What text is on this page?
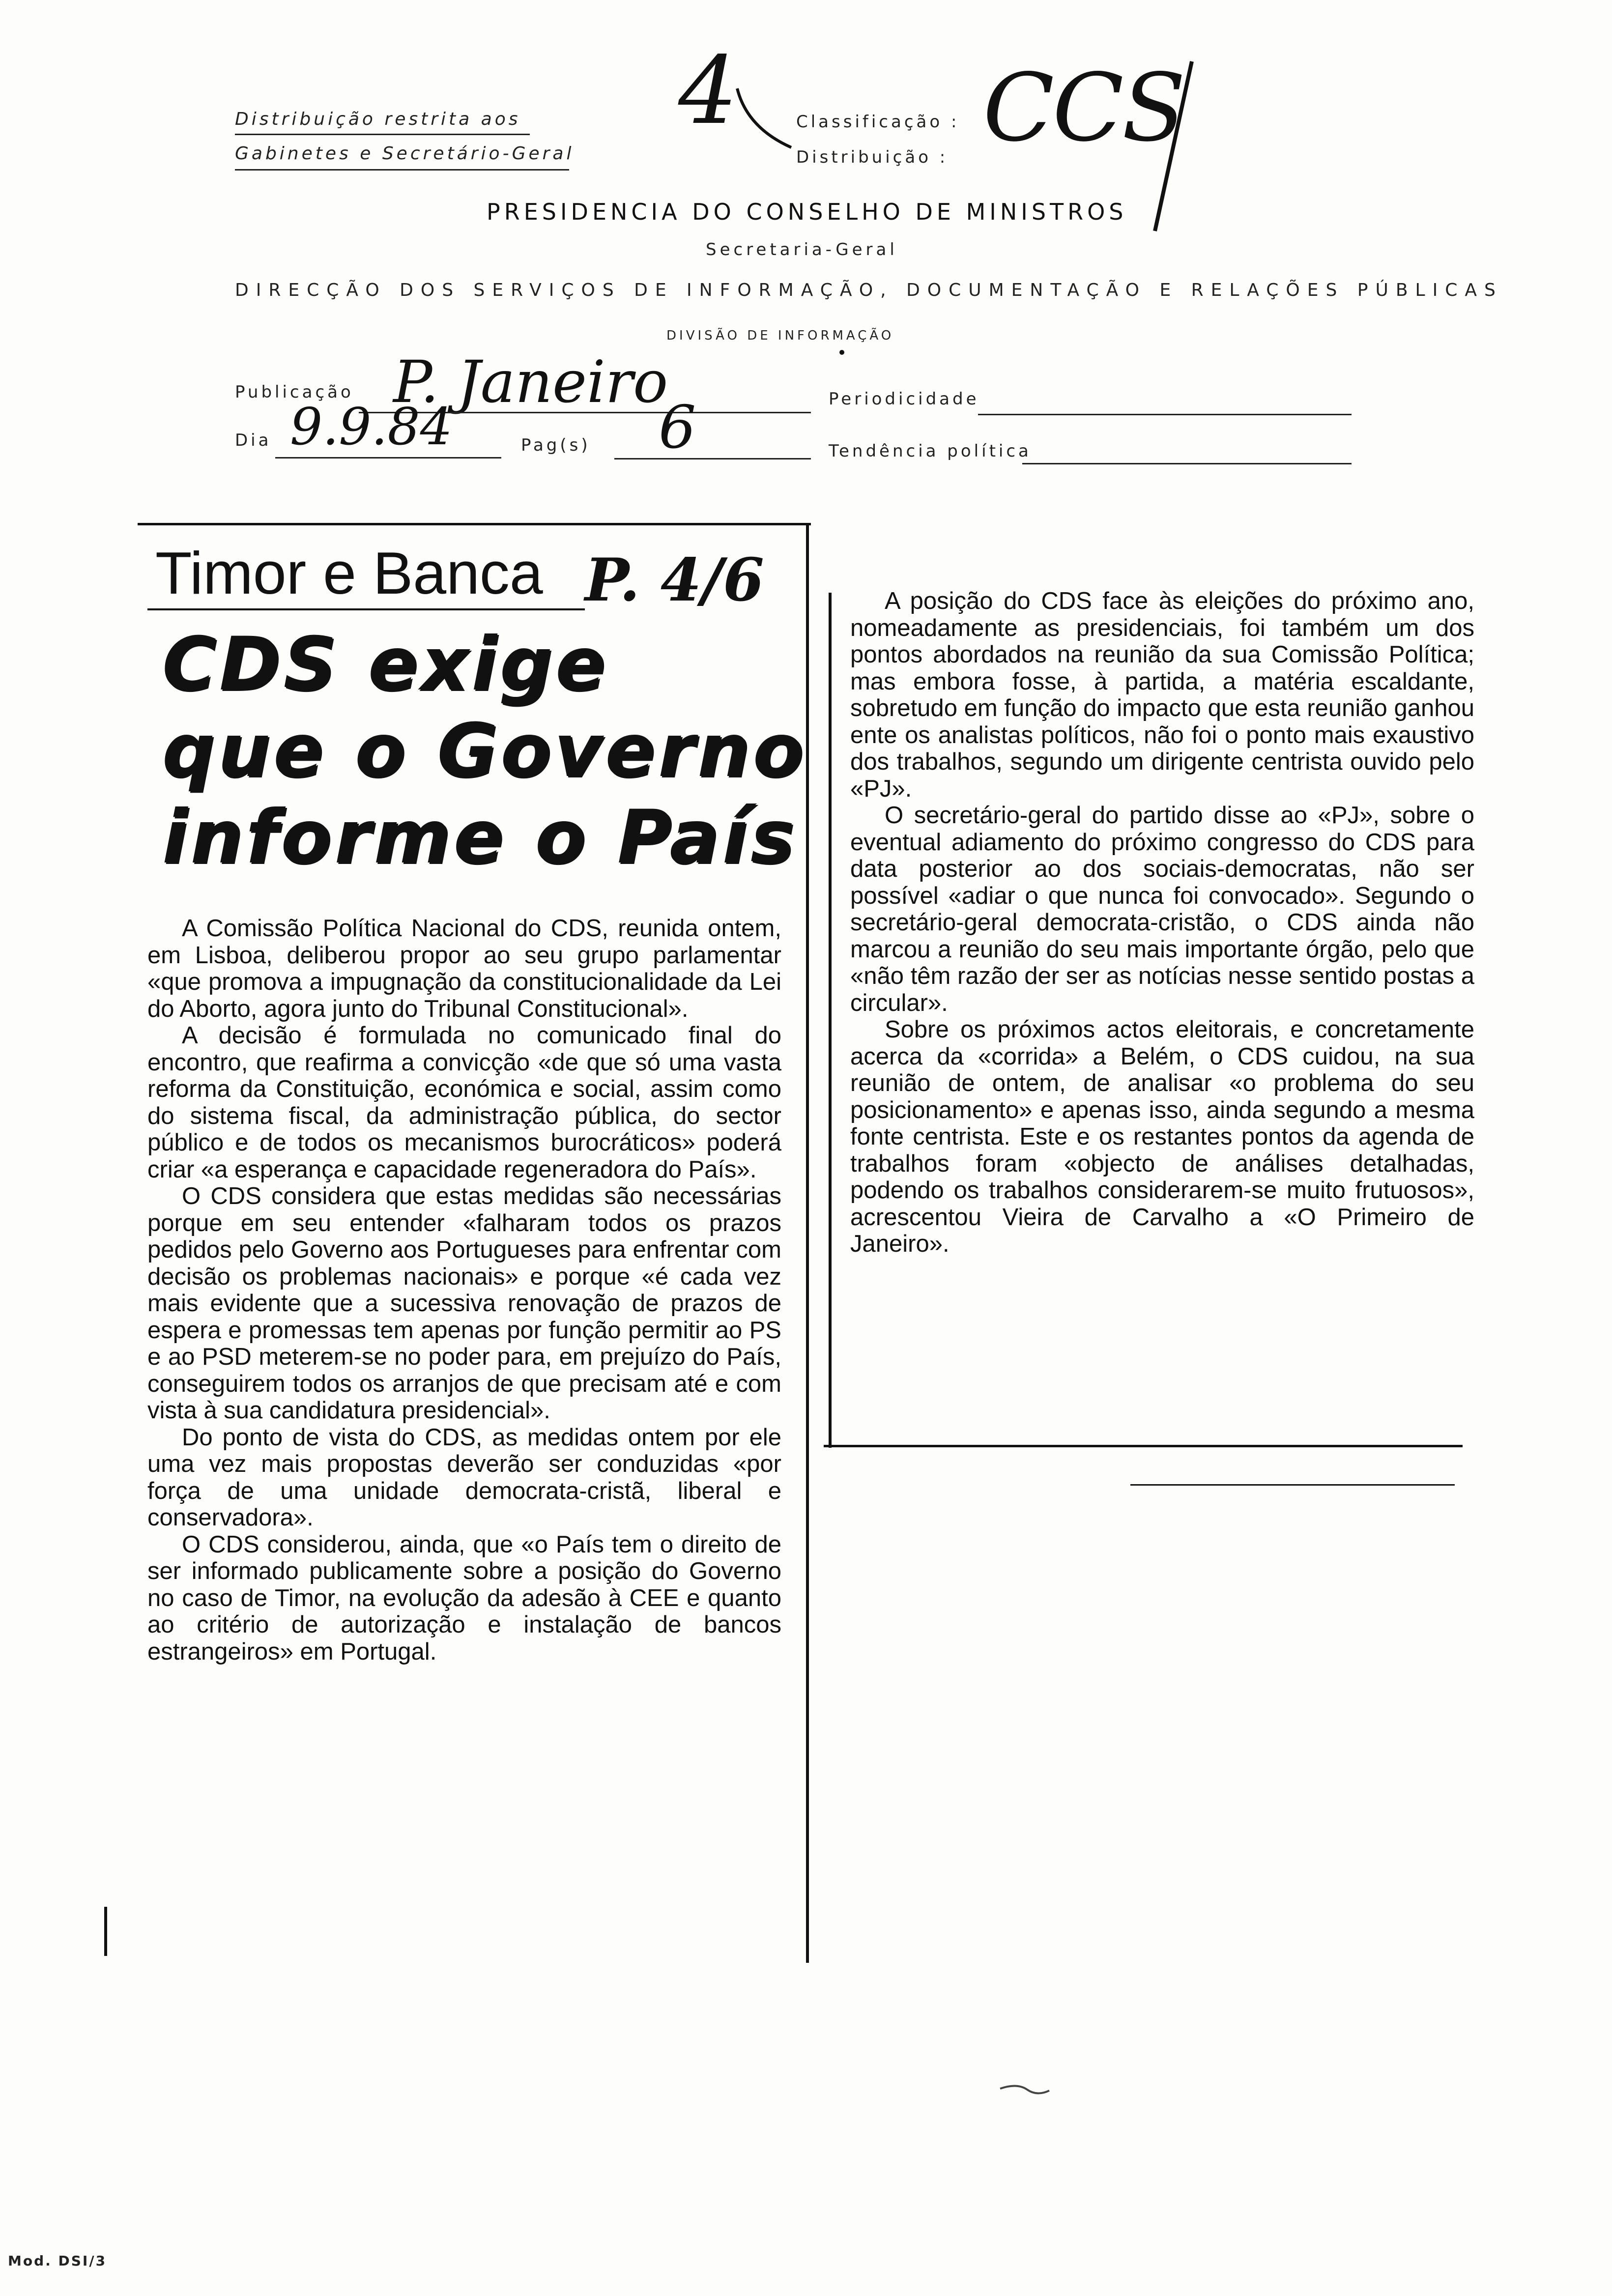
Distribuição restrita aos
Gabinetes e Secretário-Geral
4	Classificação :
Distribuição : CCS
PRESIDENCIA DO CONSELHO DE MINISTROS
Secretaria-Geral
DIRECÇÃO DOS SERVIÇOS DE INFORMAÇÃO, DOCUMENTAÇÃO E RELAÇÕES PÚBLICAS
DIVISÃO DE INFORMAÇÃO
Publicação P. Janeiro	Periodicidade
Dia 9.9.84	Pag(s) 6	Tendência política
Timor e Banca P. 4/6
CDS exige
que o Governo
informe o País

A Comissão Política Nacional do CDS, reunida ontem, em Lisboa, deliberou propor ao seu grupo parlamentar «que promova a impugnação da constitucionalidade da Lei do Aborto, agora junto do Tribunal Constitucional».

A decisão é formulada no comunicado final do encontro, que reafirma a convicção «de que só uma vasta reforma da Constituição, económica e social, assim como do sistema fiscal, da administração pública, do sector público e de todos os mecanismos burocráticos» poderá criar «a esperança e capacidade regeneradora do País».

O CDS considera que estas medidas são necessárias porque em seu entender «falharam todos os prazos pedidos pelo Governo aos Portugueses para enfrentar com decisão os problemas nacionais» e porque «é cada vez mais evidente que a sucessiva renovação de prazos de espera e promessas tem apenas por função permitir ao PS e ao PSD meterem-se no poder para, em prejuízo do País, conseguirem todos os arranjos de que precisam até e com vista à sua candidatura presidencial».

Do ponto de vista do CDS, as medidas ontem por ele uma vez mais propostas deverão ser conduzidas «por força de uma unidade democrata-cristã, liberal e conservadora».

O CDS considerou, ainda, que «o País tem o direito de ser informado publicamente sobre a posição do Governo no caso de Timor, na evolução da adesão à CEE e quanto ao critério de autorização e instalação de bancos estrangeiros» em Portugal.

A posição do CDS face às eleições do próximo ano, nomeadamente as presidenciais, foi também um dos pontos abordados na reunião da sua Comissão Política; mas embora fosse, à partida, a matéria escaldante, sobretudo em função do impacto que esta reunião ganhou ente os analistas políticos, não foi o ponto mais exaustivo dos trabalhos, segundo um dirigente centrista ouvido pelo «PJ».

O secretário-geral do partido disse ao «PJ», sobre o eventual adiamento do próximo congresso do CDS para data posterior ao dos sociais-democratas, não ser possível «adiar o que nunca foi convocado». Segundo o secretário-geral democrata-cristão, o CDS ainda não marcou a reunião do seu mais importante órgão, pelo que «não têm razão der ser as notícias nesse sentido postas a circular».

Sobre os próximos actos eleitorais, e concretamente acerca da «corrida» a Belém, o CDS cuidou, na sua reunião de ontem, de analisar «o problema do seu posicionamento» e apenas isso, ainda segundo a mesma fonte centrista. Este e os restantes pontos da agenda de trabalhos foram «objecto de análises detalhadas, podendo os trabalhos considerarem-se muito frutuosos», acrescentou Vieira de Carvalho a «O Primeiro de Janeiro».

Mod. DSI/3
